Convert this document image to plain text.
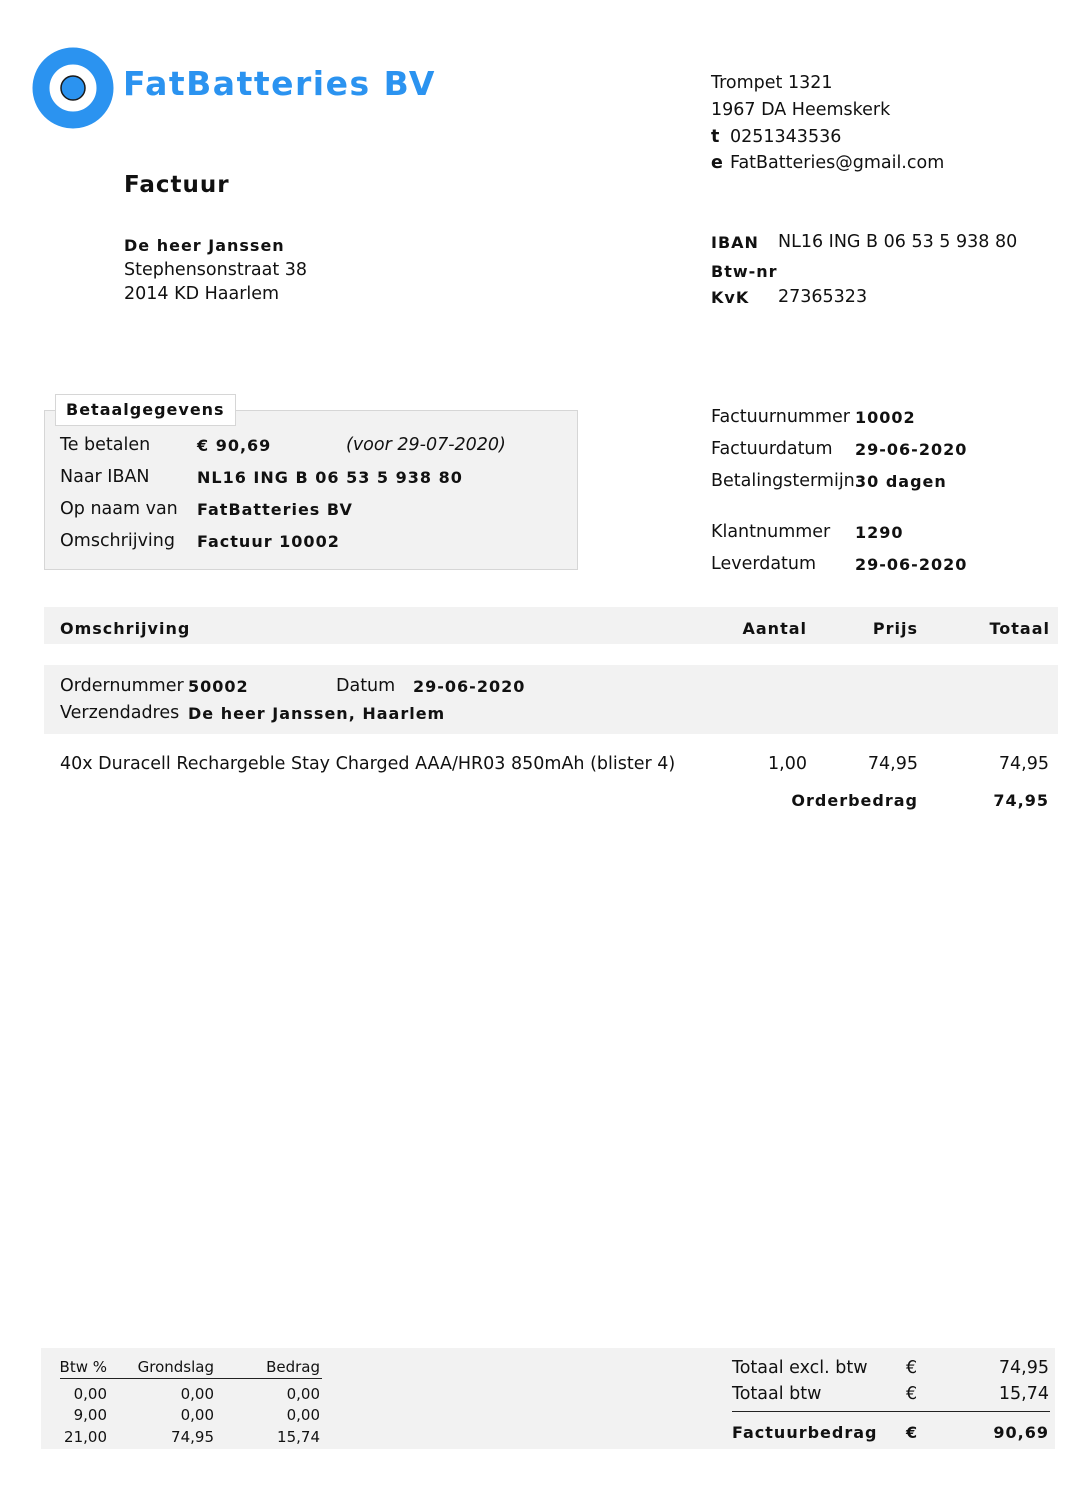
FatBatteries BV	Trompet 1321
1967 DA Heemskerk
t 0251343536
e FatBatteries@gmail.com
Factuur
De heer Janssen
Stephensonstraat 38
2014 KD Haarlem
IBAN NL16 ING B 06 53 5 938 80
Btw-nr
KvK 27365323
Betaalgegevens
Te betalen	€ 90,69	(voor 29-07-2020)
Naar IBAN	NL16 ING B 06 53 5 938 80
Op naam van FatBatteries BV
Omschrijving Factuur 10002
Factuurnummer 10002
Factuurdatum 29-06-2020
Betalingstermijn 30 dagen
Klantnummer 1290
Leverdatum 29-06-2020
Omschrijving	Aantal	Prijs	Totaal
Ordernummer 50002	Datum 29-06-2020
Verzendadres De heer Janssen, Haarlem
40x Duracell Rechargeble Stay Charged AAA/HR03 850mAh (blister 4)	1,00	74,95	74,95
Orderbedrag	74,95
Btw %	Grondslag	Bedrag
0,00	0,00	0,00
9,00	0,00	0,00
21,00	74,95	15,74
Totaal excl. btw €	74,95
Totaal btw	€	15,74
Factuurbedrag €	90,69
